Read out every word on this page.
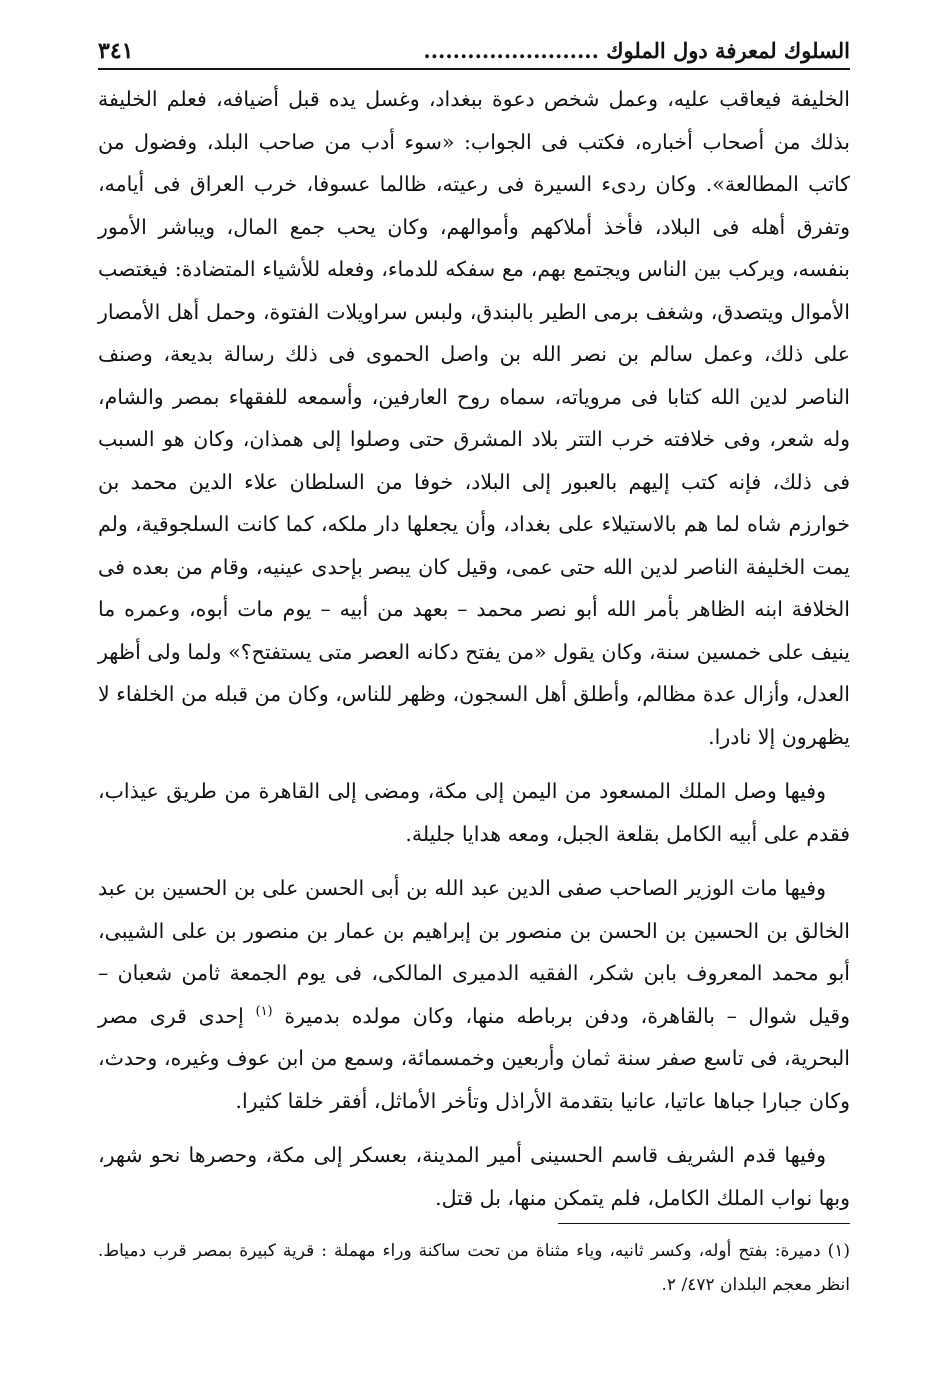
السلوك لمعرفة دول الملوك ........................
٣٤١

الخليفة فيعاقب عليه، وعمل شخص دعوة ببغداد، وغسل يده قبل أضيافه، فعلم الخليفة بذلك من أصحاب أخباره، فكتب فى الجواب: «سوء أدب من صاحب البلد، وفضول من كاتب المطالعة». وكان ردىء السيرة فى رعيته، ظالما عسوفا، خرب العراق فى أيامه، وتفرق أهله فى البلاد، فأخذ أملاكهم وأموالهم، وكان يحب جمع المال، ويباشر الأمور بنفسه، ويركب بين الناس ويجتمع بهم، مع سفكه للدماء، وفعله للأشياء المتضادة: فيغتصب الأموال ويتصدق، وشغف برمى الطير بالبندق، ولبس سراويلات الفتوة، وحمل أهل الأمصار على ذلك، وعمل سالم بن نصر الله بن واصل الحموى فى ذلك رسالة بديعة، وصنف الناصر لدين الله كتابا فى مروياته، سماه روح العارفين، وأسمعه للفقهاء بمصر والشام، وله شعر، وفى خلافته خرب التتر بلاد المشرق حتى وصلوا إلى همذان، وكان هو السبب فى ذلك، فإنه كتب إليهم بالعبور إلى البلاد، خوفا من السلطان علاء الدين محمد بن خوارزم شاه لما هم بالاستيلاء على بغداد، وأن يجعلها دار ملكه، كما كانت السلجوقية، ولم يمت الخليفة الناصر لدين الله حتى عمى، وقيل كان يبصر بإحدى عينيه، وقام من بعده فى الخلافة ابنه الظاهر بأمر الله أبو نصر محمد – بعهد من أبيه – يوم مات أبوه، وعمره ما ينيف على خمسين سنة، وكان يقول «من يفتح دكانه العصر متى يستفتح؟» ولما ولى أظهر العدل، وأزال عدة مظالم، وأطلق أهل السجون، وظهر للناس، وكان من قبله من الخلفاء لا يظهرون إلا نادرا.

وفيها وصل الملك المسعود من اليمن إلى مكة، ومضى إلى القاهرة من طريق عيذاب، فقدم على أبيه الكامل بقلعة الجبل، ومعه هدايا جليلة.

وفيها مات الوزير الصاحب صفى الدين عبد الله بن أبى الحسن على بن الحسين بن عبد الخالق بن الحسين بن الحسن بن منصور بن إبراهيم بن عمار بن منصور بن على الشيبى، أبو محمد المعروف بابن شكر، الفقيه الدميرى المالكى، فى يوم الجمعة ثامن شعبان – وقيل شوال – بالقاهرة، ودفن برباطه منها، وكان مولده بدميرة $^{(١)}$ إحدى قرى مصر البحرية، فى تاسع صفر سنة ثمان وأربعين وخمسمائة، وسمع من ابن عوف وغيره، وحدث، وكان جبارا جباها عاتيا، عانيا بتقدمة الأراذل وتأخر الأماثل، أفقر خلقا كثيرا.

وفيها قدم الشريف قاسم الحسينى أمير المدينة، بعسكر إلى مكة، وحصرها نحو شهر، وبها نواب الملك الكامل، فلم يتمكن منها، بل قتل.

(١) دميرة: بفتح أوله، وكسر ثانيه، وياء مثناة من تحت ساكنة وراء مهملة : قرية كبيرة بمصر قرب دمياط. انظر معجم البلدان ٤٧٢/ ٢.
